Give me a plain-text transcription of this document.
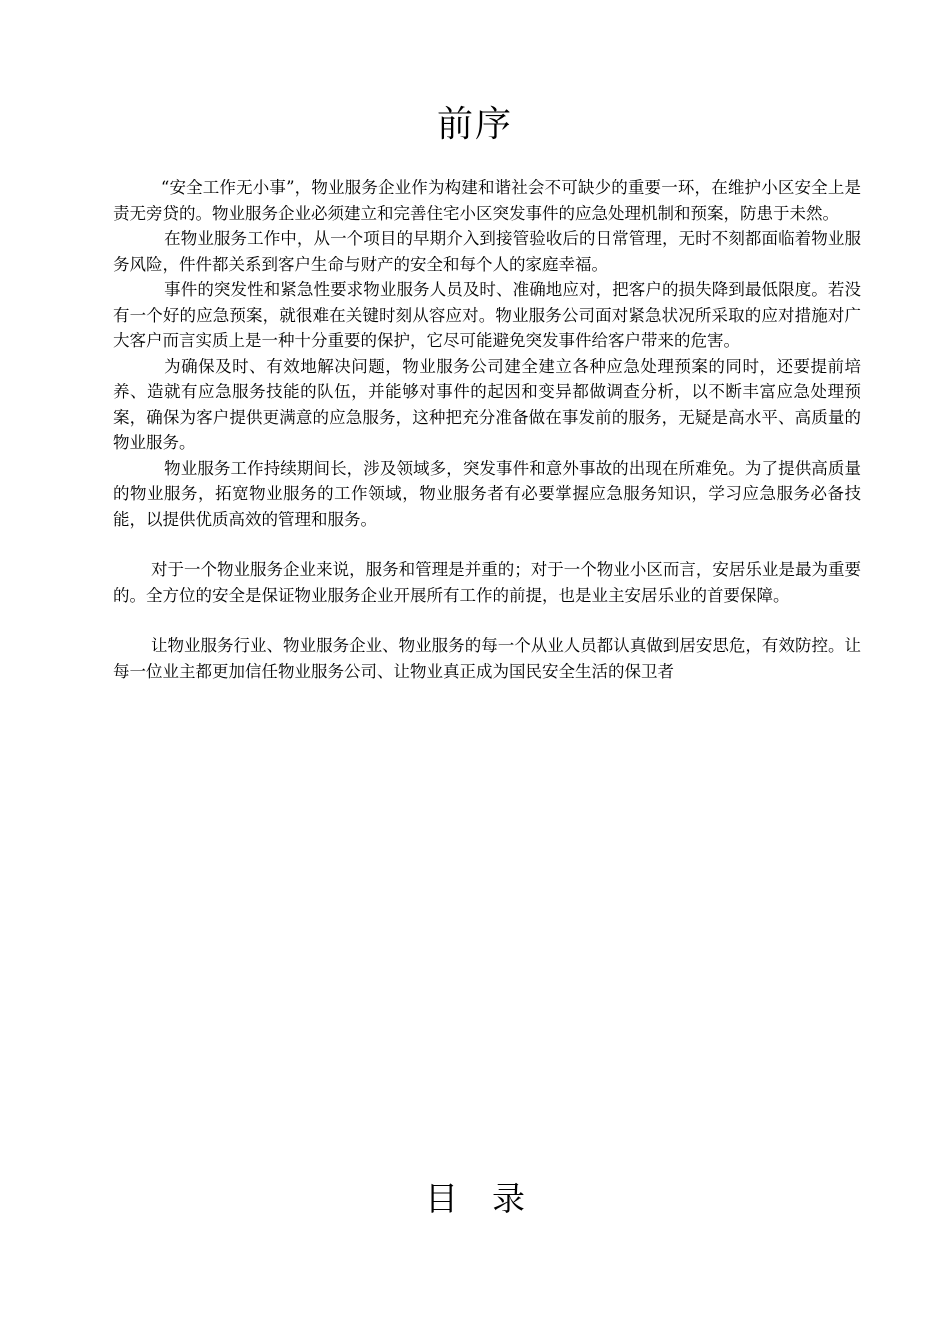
前序

“安全工作无小事”，物业服务企业作为构建和谐社会不可缺少的重要一环，在维护小区安全上是责无旁贷的。物业服务企业必须建立和完善住宅小区突发事件的应急处理机制和预案，防患于未然。

在物业服务工作中，从一个项目的早期介入到接管验收后的日常管理，无时不刻都面临着物业服务风险，件件都关系到客户生命与财产的安全和每个人的家庭幸福。

事件的突发性和紧急性要求物业服务人员及时、准确地应对，把客户的损失降到最低限度。若没有一个好的应急预案，就很难在关键时刻从容应对。物业服务公司面对紧急状况所采取的应对措施对广大客户而言实质上是一种十分重要的保护，它尽可能避免突发事件给客户带来的危害。

为确保及时、有效地解决问题，物业服务公司建全建立各种应急处理预案的同时，还要提前培养、造就有应急服务技能的队伍，并能够对事件的起因和变异都做调查分析，以不断丰富应急处理预案，确保为客户提供更满意的应急服务，这种把充分准备做在事发前的服务，无疑是高水平、高质量的物业服务。

物业服务工作持续期间长，涉及领域多，突发事件和意外事故的出现在所难免。为了提供高质量的物业服务，拓宽物业服务的工作领域，物业服务者有必要掌握应急服务知识，学习应急服务必备技能，以提供优质高效的管理和服务。

对于一个物业服务企业来说，服务和管理是并重的；对于一个物业小区而言，安居乐业是最为重要的。全方位的安全是保证物业服务企业开展所有工作的前提，也是业主安居乐业的首要保障。

让物业服务行业、物业服务企业、物业服务的每一个从业人员都认真做到居安思危，有效防控。让每一位业主都更加信任物业服务公司、让物业真正成为国民安全生活的保卫者

目 录
